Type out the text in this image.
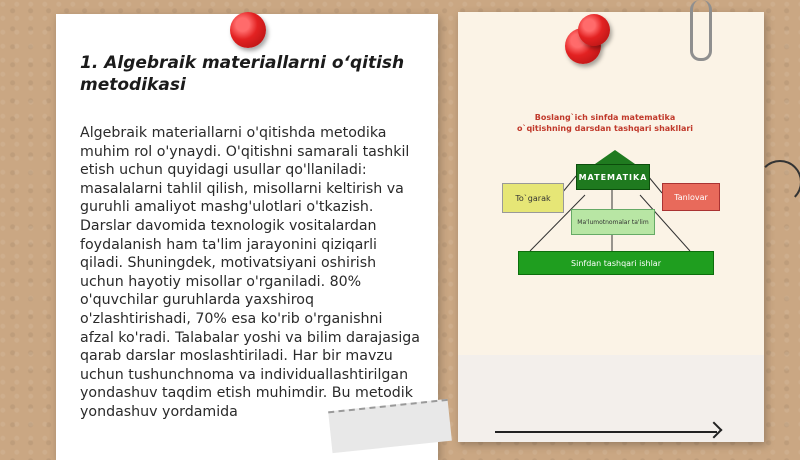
1. Algebraik materiallarni o‘qitish metodikasi

Algebraik materiallarni o'qitishda metodika muhim rol o'ynaydi. O'qitishni samarali tashkil etish uchun quyidagi usullar qo'llaniladi: masalalarni tahlil qilish, misollarni keltirish va guruhli amaliyot mashg'ulotlari o'tkazish. Darslar davomida texnologik vositalardan foydalanish ham ta'lim jarayonini qiziqarli qiladi. Shuningdek, motivatsiyani oshirish uchun hayotiy misollar o'rganiladi. 80% o'quvchilar guruhlarda yaxshiroq o'zlashtirishadi, 70% esa ko'rib o'rganishni afzal ko'radi. Talabalar yoshi va bilim darajasiga qarab darslar moslashtiriladi. Har bir mavzu uchun tushunchnoma va individuallashtirilgan yondashuv taqdim etish muhimdir. Bu metodik yondashuv yordamida

Boslang`ich sinfda matematika
o`qitishning darsdan tashqari shakllari
MATEMATIKA
To`garak	Tanlovar
Ma'lumotnomalar ta'lim
Sinfdan tashqari ishlar
